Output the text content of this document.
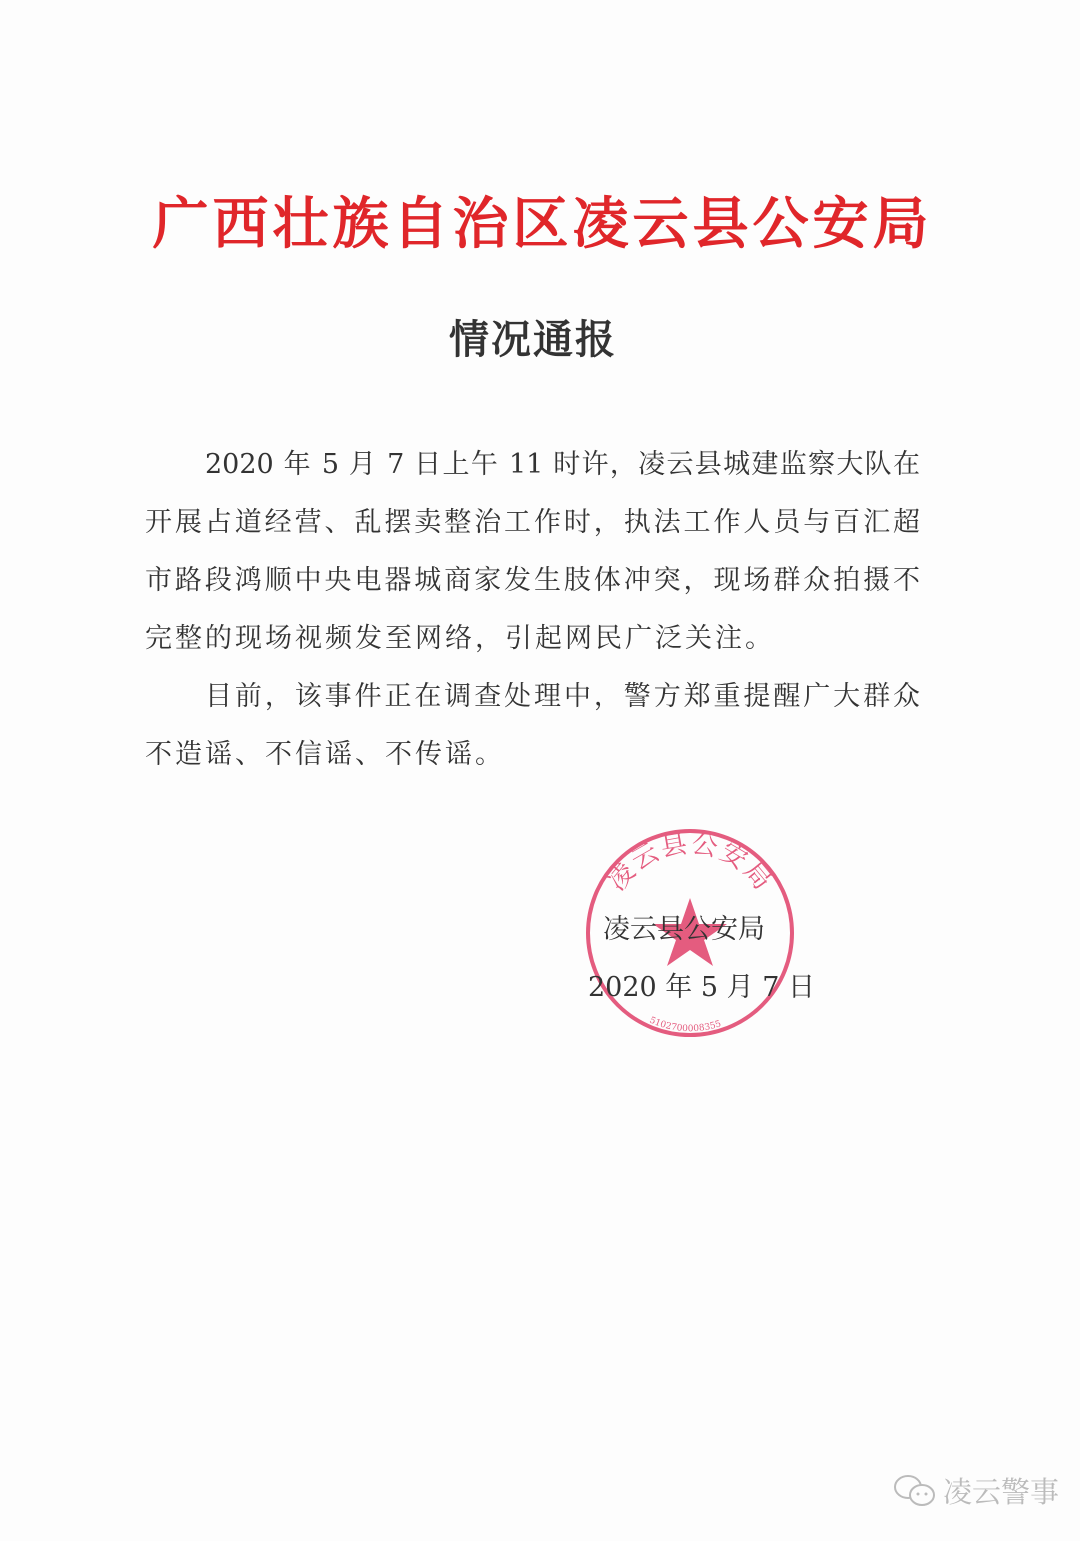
广西壮族自治区凌云县公安局
情况通报
2020 年 5 月 7 日上午 11 时许，凌云县城建监察大队在
开展占道经营、乱摆卖整治工作时，执法工作人员与百汇超
市路段鸿顺中央电器城商家发生肢体冲突，现场群众拍摄不
完整的现场视频发至网络，引起网民广泛关注。
目前，该事件正在调查处理中，警方郑重提醒广大群众
不造谣、不信谣、不传谣。
凌云县公安局
5102700008355
凌云县公安局
2020 年 5 月 7 日
凌云警事
